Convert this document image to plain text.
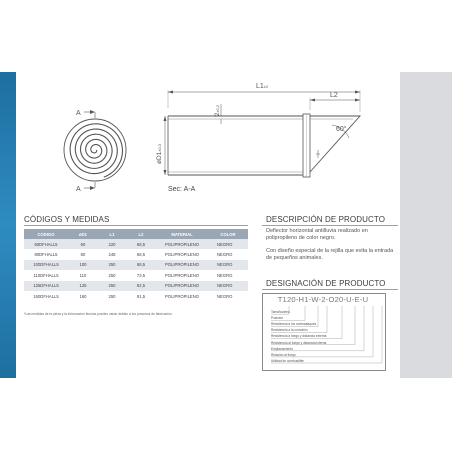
A
A
L1±2
L2
2±0,2
øD1±0,3
60°
Sec: A-A
CÓDIGOS Y MEDIDAS
CODIGO	øD1	L1	L2	MATERIAL	COLOR
60DFHALL5	60	220	68,5	POLIPROPILENO	NEGRO
80DFHALL5	80	248	68,5	POLIPROPILENO	NEGRO
100DFHALL5	100	250	68,5	POLIPROPILENO	NEGRO
110DFHALL5	110	250	73,5	POLIPROPILENO	NEGRO
125DFHALL5	125	250	82,5	POLIPROPILENO	NEGRO
160DFHALL5	160	250	91,5	POLIPROPILENO	NEGRO
*Las medidas de la pieza y la información técnica pueden variar debido a los procesos de fabricación.
DESCRIPCIÓN DE PRODUCTO
Deflector horizontal antilluvia realizado en polipropileno de color negro.
Con diseño especial de la rejilla que evita la entrada de pequeños animales.
DESIGNACIÓN DE PRODUCTO
T120-H1-W-2-O20-U-E-U
Tamaño/área
Posición
Resistencia a los contraataques
Resistencia a la corrosión
Resistencia a fuego y distancia externa
Resistencia al fuego y distancia interna
Emplazamiento
Relación al fuego
Utilidad de combustible
